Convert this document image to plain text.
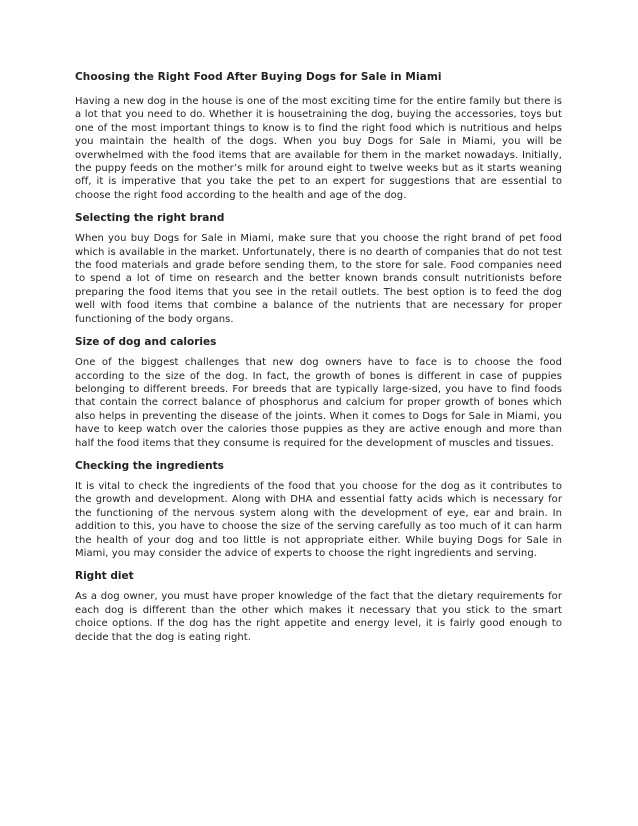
Choosing the Right Food After Buying Dogs for Sale in Miami

Having a new dog in the house is one of the most exciting time for the entire family but there is a lot that you need to do. Whether it is housetraining the dog, buying the accessories, toys but one of the most important things to know is to find the right food which is nutritious and helps you maintain the health of the dogs. When you buy Dogs for Sale in Miami, you will be overwhelmed with the food items that are available for them in the market nowadays. Initially, the puppy feeds on the mother’s milk for around eight to twelve weeks but as it starts weaning off, it is imperative that you take the pet to an expert for suggestions that are essential to choose the right food according to the health and age of the dog.

Selecting the right brand

When you buy Dogs for Sale in Miami, make sure that you choose the right brand of pet food which is available in the market. Unfortunately, there is no dearth of companies that do not test the food materials and grade before sending them, to the store for sale. Food companies need to spend a lot of time on research and the better known brands consult nutritionists before preparing the food items that you see in the retail outlets. The best option is to feed the dog well with food items that combine a balance of the nutrients that are necessary for proper functioning of the body organs.

Size of dog and calories

One of the biggest challenges that new dog owners have to face is to choose the food according to the size of the dog. In fact, the growth of bones is different in case of puppies belonging to different breeds. For breeds that are typically large-sized, you have to find foods that contain the correct balance of phosphorus and calcium for proper growth of bones which also helps in preventing the disease of the joints. When it comes to Dogs for Sale in Miami, you have to keep watch over the calories those puppies as they are active enough and more than half the food items that they consume is required for the development of muscles and tissues.

Checking the ingredients

It is vital to check the ingredients of the food that you choose for the dog as it contributes to the growth and development. Along with DHA and essential fatty acids which is necessary for the functioning of the nervous system along with the development of eye, ear and brain. In addition to this, you have to choose the size of the serving carefully as too much of it can harm the health of your dog and too little is not appropriate either. While buying Dogs for Sale in Miami, you may consider the advice of experts to choose the right ingredients and serving.

Right diet

As a dog owner, you must have proper knowledge of the fact that the dietary requirements for each dog is different than the other which makes it necessary that you stick to the smart choice options. If the dog has the right appetite and energy level, it is fairly good enough to decide that the dog is eating right.
